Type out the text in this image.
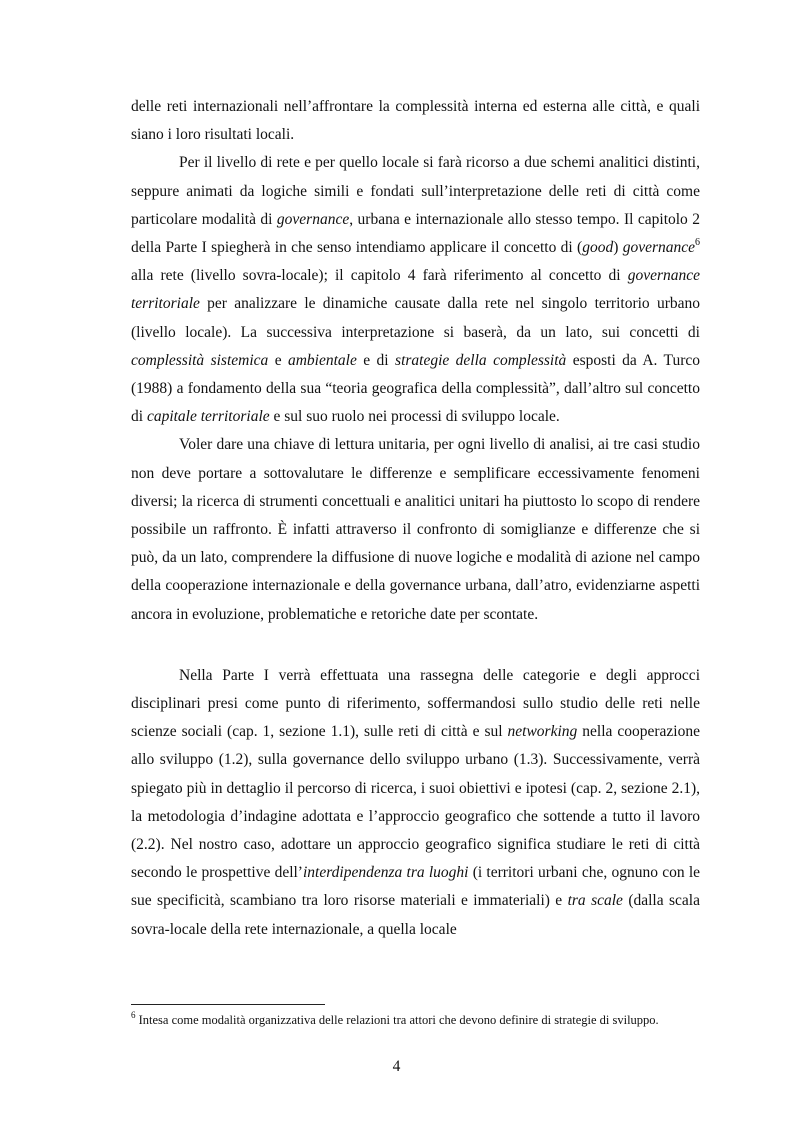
delle reti internazionali nell’affrontare la complessità interna ed esterna alle città, e quali siano i loro risultati locali.

Per il livello di rete e per quello locale si farà ricorso a due schemi analitici distinti, seppure animati da logiche simili e fondati sull’interpretazione delle reti di città come particolare modalità di governance, urbana e internazionale allo stesso tempo. Il capitolo 2 della Parte I spiegherà in che senso intendiamo applicare il concetto di (good) governance$^6$ alla rete (livello sovra-locale); il capitolo 4 farà riferimento al concetto di governance territoriale per analizzare le dinamiche causate dalla rete nel singolo territorio urbano (livello locale). La successiva interpretazione si baserà, da un lato, sui concetti di complessità sistemica e ambientale e di strategie della complessità esposti da A. Turco (1988) a fondamento della sua “teoria geografica della complessità”, dall’altro sul concetto di capitale territoriale e sul suo ruolo nei processi di sviluppo locale.

Voler dare una chiave di lettura unitaria, per ogni livello di analisi, ai tre casi studio non deve portare a sottovalutare le differenze e semplificare eccessivamente fenomeni diversi; la ricerca di strumenti concettuali e analitici unitari ha piuttosto lo scopo di rendere possibile un raffronto. È infatti attraverso il confronto di somiglianze e differenze che si può, da un lato, comprendere la diffusione di nuove logiche e modalità di azione nel campo della cooperazione internazionale e della governance urbana, dall’atro, evidenziarne aspetti ancora in evoluzione, problematiche e retoriche date per scontate.

Nella Parte I verrà effettuata una rassegna delle categorie e degli approcci disciplinari presi come punto di riferimento, soffermandosi sullo studio delle reti nelle scienze sociali (cap. 1, sezione 1.1), sulle reti di città e sul networking nella cooperazione allo sviluppo (1.2), sulla governance dello sviluppo urbano (1.3). Successivamente, verrà spiegato più in dettaglio il percorso di ricerca, i suoi obiettivi e ipotesi (cap. 2, sezione 2.1), la metodologia d’indagine adottata e l’approccio geografico che sottende a tutto il lavoro (2.2). Nel nostro caso, adottare un approccio geografico significa studiare le reti di città secondo le prospettive dell’interdipendenza tra luoghi (i territori urbani che, ognuno con le sue specificità, scambiano tra loro risorse materiali e immateriali) e tra scale (dalla scala sovra-locale della rete internazionale, a quella locale

$^6$ Intesa come modalità organizzativa delle relazioni tra attori che devono definire di strategie di sviluppo.
4
